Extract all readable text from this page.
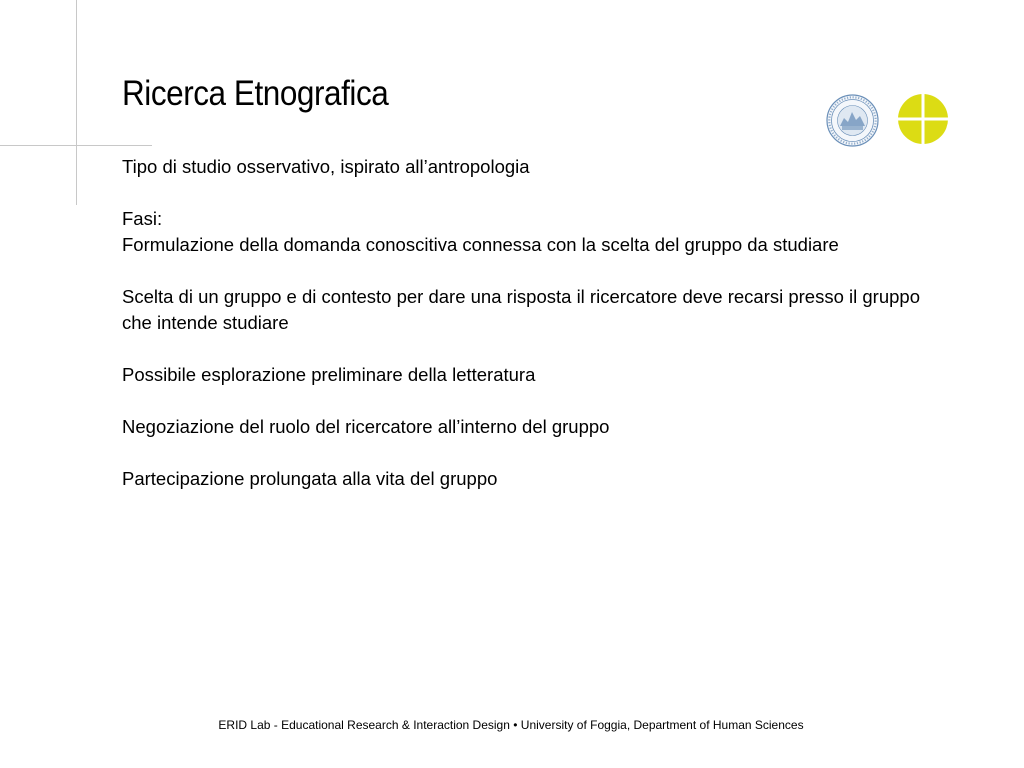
Ricerca Etnografica

Tipo di studio osservativo, ispirato all’antropologia

Fasi:

Formulazione della domanda conoscitiva connessa con la scelta del gruppo da studiare

Scelta di un gruppo e di contesto per dare una risposta il ricercatore deve recarsi presso il gruppo che intende studiare

Possibile esplorazione preliminare della letteratura

Negoziazione del ruolo del ricercatore all’interno del gruppo

Partecipazione prolungata alla vita del gruppo

ERID Lab - Educational Research & Interaction Design • University of Foggia, Department of Human Sciences
